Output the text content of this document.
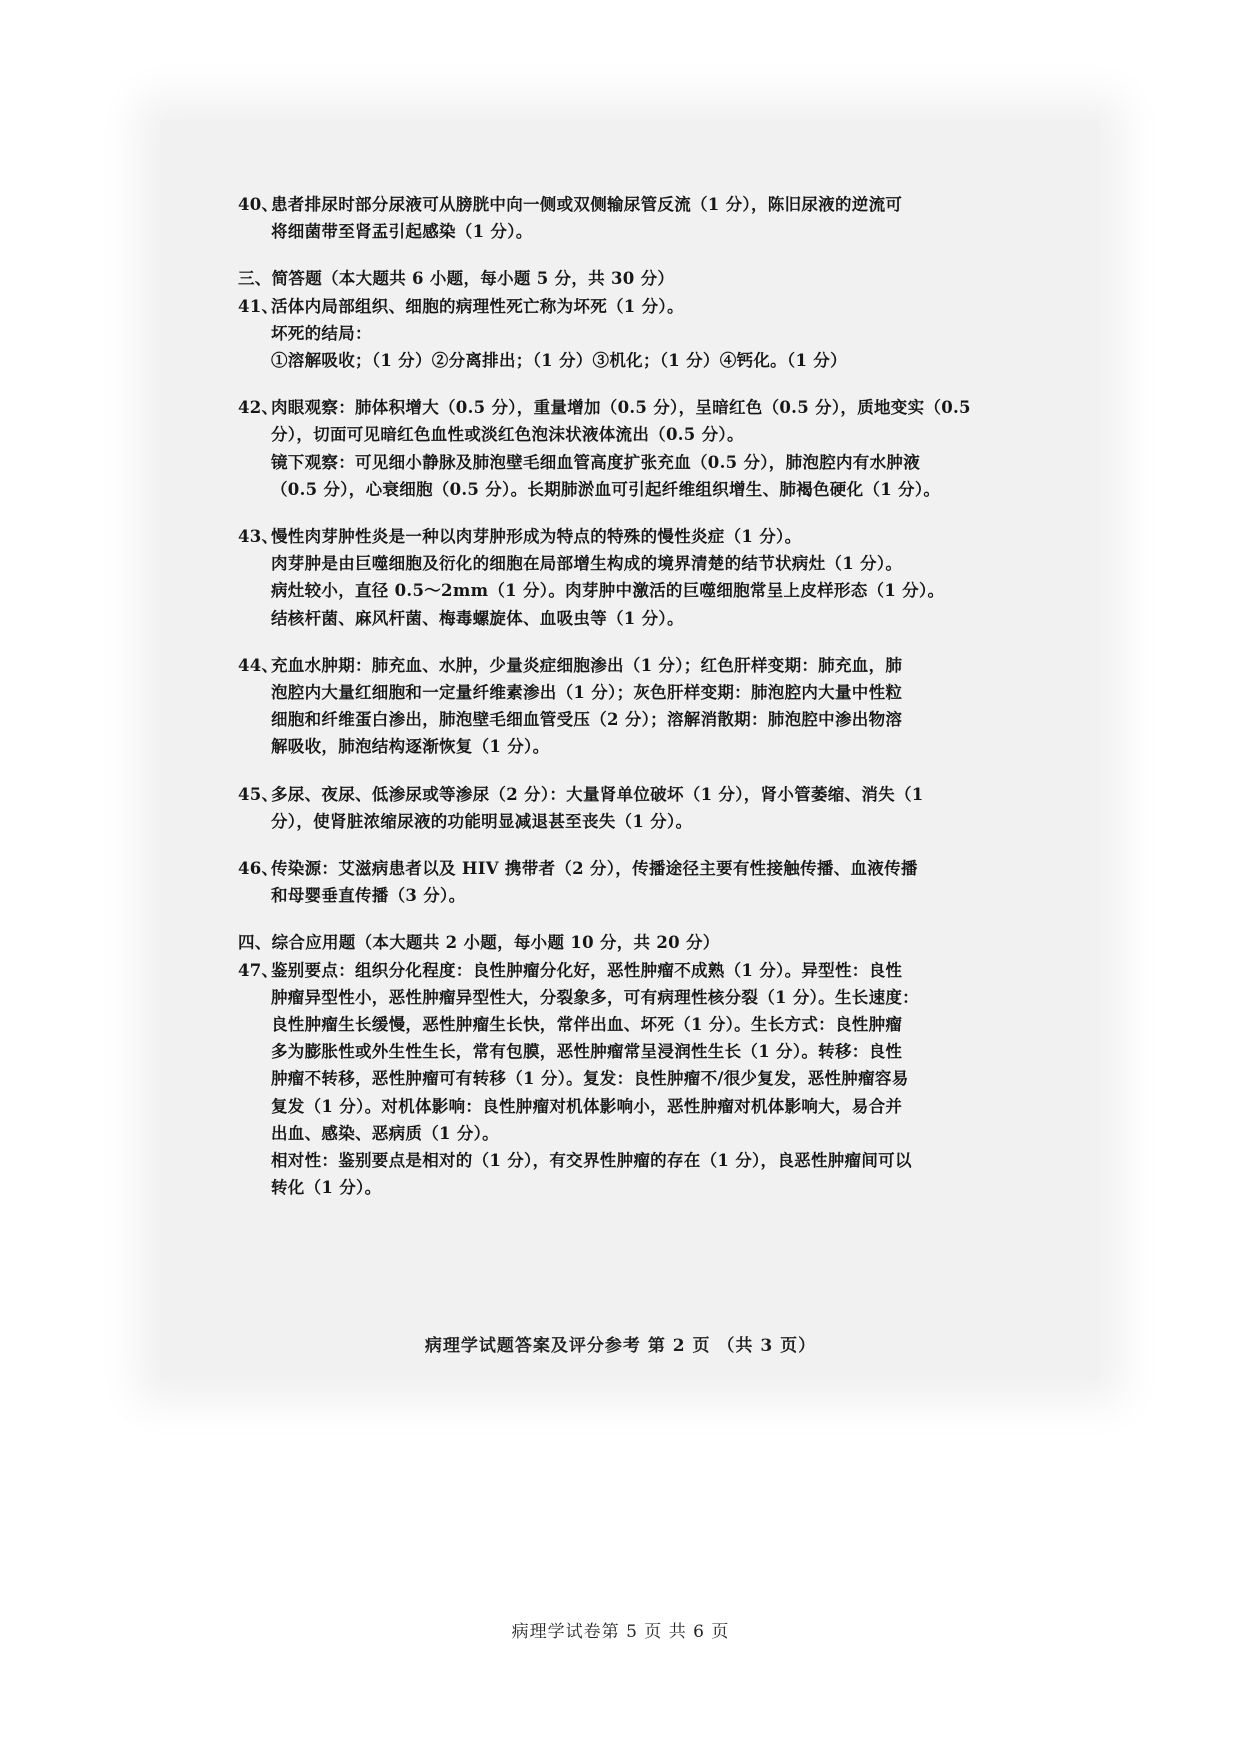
40、患者排尿时部分尿液可从膀胱中向一侧或双侧输尿管反流（1 分），陈旧尿液的逆流可

将细菌带至肾盂引起感染（1 分）。

三、简答题（本大题共 6 小题，每小题 5 分，共 30 分）

41、活体内局部组织、细胞的病理性死亡称为坏死（1 分）。

坏死的结局：

①溶解吸收；（1 分）②分离排出；（1 分）③机化；（1 分）④钙化。（1 分）

42、肉眼观察：肺体积增大（0.5 分），重量增加（0.5 分），呈暗红色（0.5 分），质地变实（0.5

分），切面可见暗红色血性或淡红色泡沫状液体流出（0.5 分）。

镜下观察：可见细小静脉及肺泡壁毛细血管高度扩张充血（0.5 分），肺泡腔内有水肿液

（0.5 分），心衰细胞（0.5 分）。长期肺淤血可引起纤维组织增生、肺褐色硬化（1 分）。

43、慢性肉芽肿性炎是一种以肉芽肿形成为特点的特殊的慢性炎症（1 分）。

肉芽肿是由巨噬细胞及衍化的细胞在局部增生构成的境界清楚的结节状病灶（1 分）。

病灶较小，直径 0.5～2mm（1 分）。肉芽肿中激活的巨噬细胞常呈上皮样形态（1 分）。

结核杆菌、麻风杆菌、梅毒螺旋体、血吸虫等（1 分）。

44、充血水肿期：肺充血、水肿，少量炎症细胞渗出（1 分）；红色肝样变期：肺充血，肺

泡腔内大量红细胞和一定量纤维素渗出（1 分）；灰色肝样变期：肺泡腔内大量中性粒

细胞和纤维蛋白渗出，肺泡壁毛细血管受压（2 分）；溶解消散期：肺泡腔中渗出物溶

解吸收，肺泡结构逐渐恢复（1 分）。

45、多尿、夜尿、低渗尿或等渗尿（2 分）：大量肾单位破坏（1 分），肾小管萎缩、消失（1

分），使肾脏浓缩尿液的功能明显减退甚至丧失（1 分）。

46、传染源：艾滋病患者以及 HIV 携带者（2 分），传播途径主要有性接触传播、血液传播

和母婴垂直传播（3 分）。

四、综合应用题（本大题共 2 小题，每小题 10 分，共 20 分）

47、鉴别要点：组织分化程度：良性肿瘤分化好，恶性肿瘤不成熟（1 分）。异型性：良性

肿瘤异型性小，恶性肿瘤异型性大，分裂象多，可有病理性核分裂（1 分）。生长速度：

良性肿瘤生长缓慢，恶性肿瘤生长快，常伴出血、坏死（1 分）。生长方式：良性肿瘤

多为膨胀性或外生性生长，常有包膜，恶性肿瘤常呈浸润性生长（1 分）。转移：良性

肿瘤不转移，恶性肿瘤可有转移（1 分）。复发：良性肿瘤不/很少复发，恶性肿瘤容易

复发（1 分）。对机体影响：良性肿瘤对机体影响小，恶性肿瘤对机体影响大，易合并

出血、感染、恶病质（1 分）。

相对性：鉴别要点是相对的（1 分），有交界性肿瘤的存在（1 分），良恶性肿瘤间可以

转化（1 分）。

病理学试题答案及评分参考 第 2 页 （共 3 页）
病理学试卷第 5 页 共 6 页
